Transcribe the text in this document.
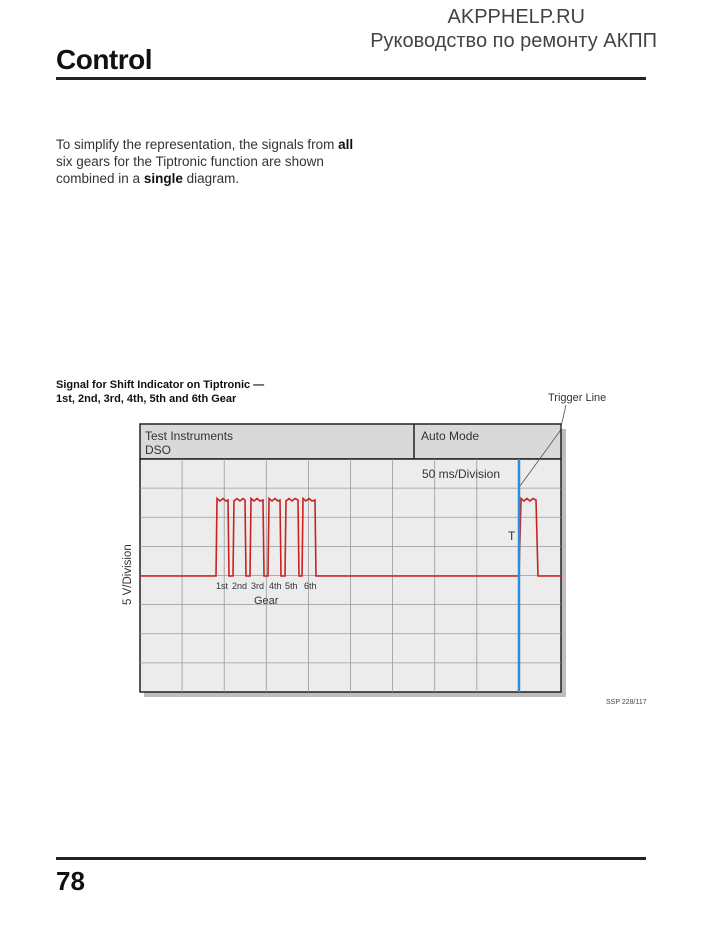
AKPPHELP.RU
Руководство по ремонту АКПП
Control
To simplify the representation, the signals from all six gears for the Tiptronic function are shown combined in a single diagram.
Signal for Shift Indicator on Tiptronic —
1st, 2nd, 3rd, 4th, 5th and 6th Gear	Trigger Line
Test Instruments
DSO
Auto Mode
50 ms/Division
T
5 V/Division	1st 2nd 3rd 4th 5th 6th
Gear
SSP 228/117
78
